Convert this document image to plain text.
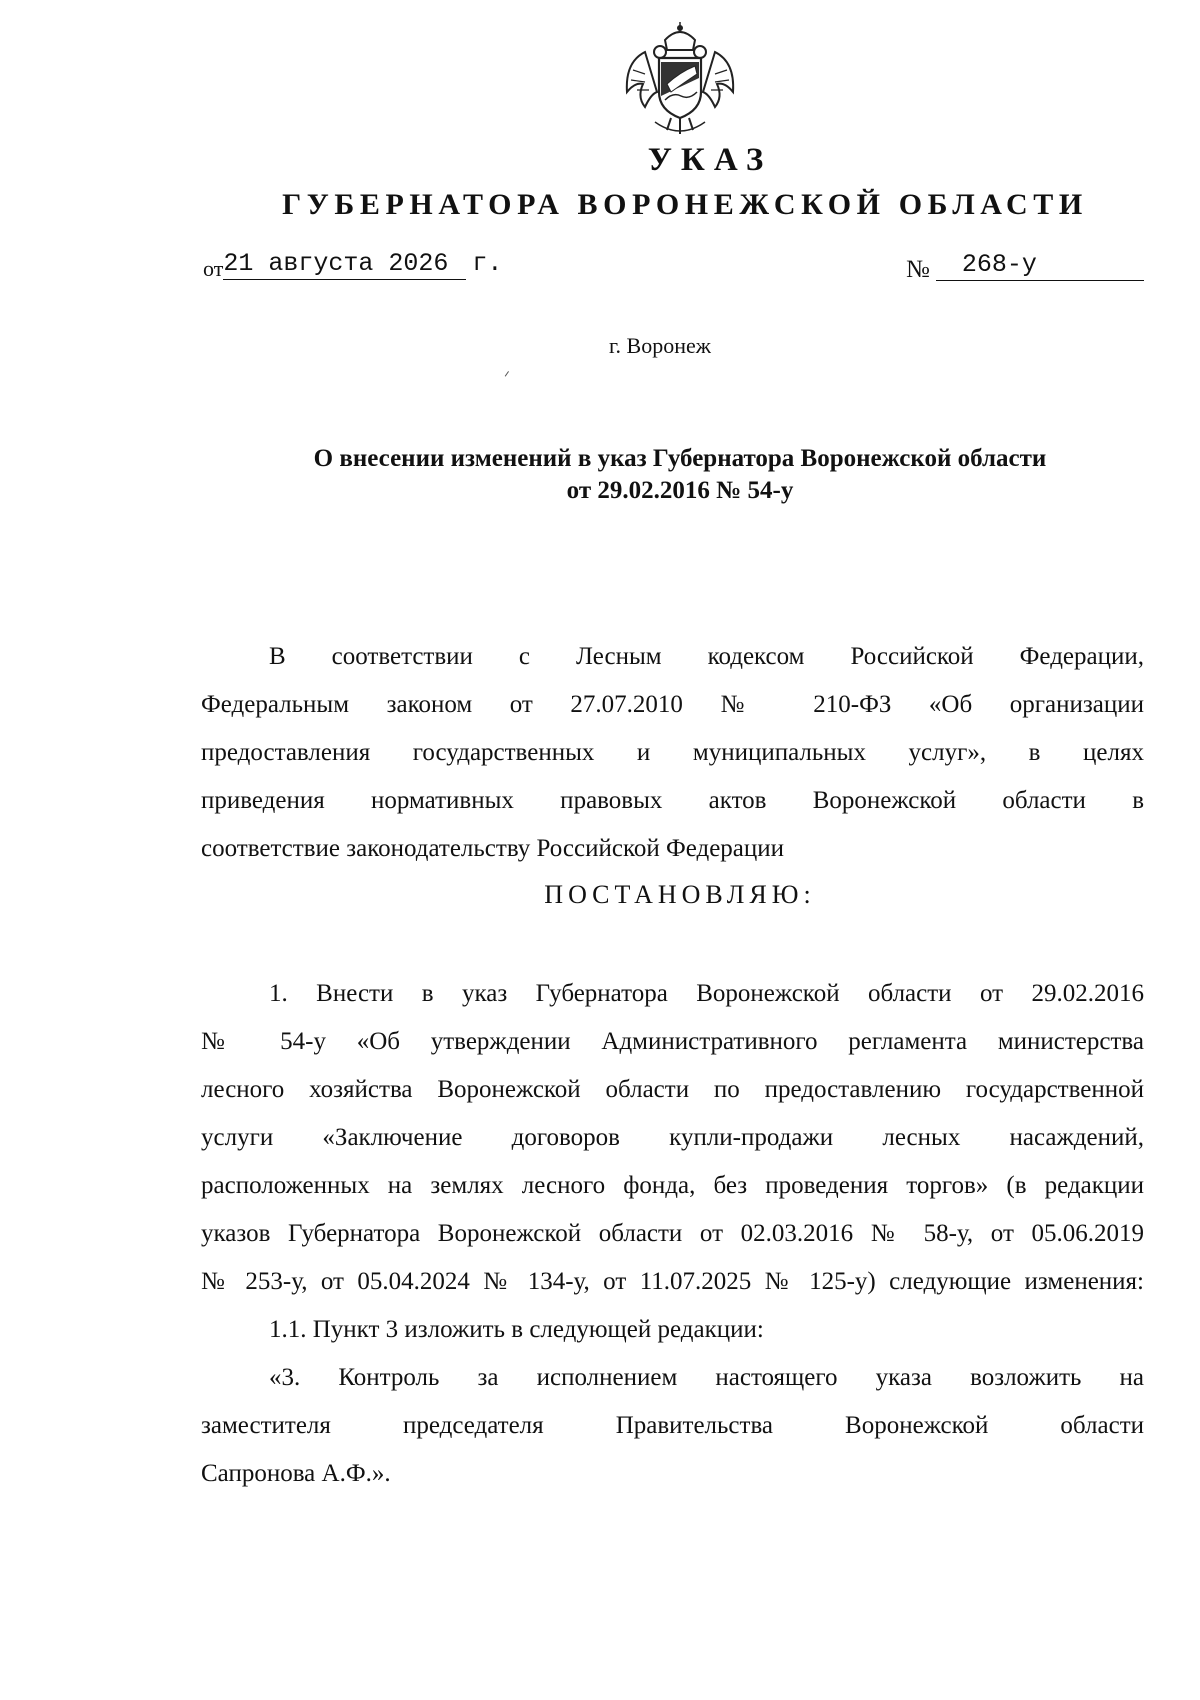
УКАЗ
ГУБЕРНАТОРА ВОРОНЕЖСКОЙ ОБЛАСТИ
от21 августа 2026 г.	№ 268-у

г. Воронеж

О внесении изменений в указ Губернатора Воронежской области
от 29.02.2016 № 54-у
В соответствии с Лесным кодексом Российской Федерации,
Федеральным законом от 27.07.2010 № 210-ФЗ «Об организации
предоставления государственных и муниципальных услуг», в целях
приведения нормативных правовых актов Воронежской области в
соответствие законодательству Российской Федерации

ПОСТАНОВЛЯЮ:

1. Внести в указ Губернатора Воронежской области от 29.02.2016
№ 54-у «Об утверждении Административного регламента министерства
лесного хозяйства Воронежской области по предоставлению государственной
услуги «Заключение договоров купли-продажи лесных насаждений,
расположенных на землях лесного фонда, без проведения торгов» (в редакции
указов Губернатора Воронежской области от 02.03.2016 № 58-у, от 05.06.2019
№ 253-у, от 05.04.2024 № 134-у, от 11.07.2025 № 125-у) следующие изменения:
1.1. Пункт 3 изложить в следующей редакции:
«3. Контроль за исполнением настоящего указа возложить на
заместителя председателя Правительства Воронежской области
Сапронова А.Ф.».
